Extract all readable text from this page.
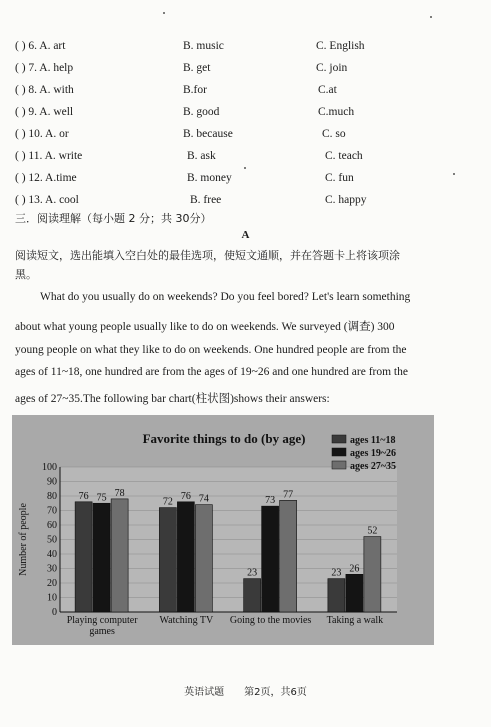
( ) 6. A. art	B. music	C. English
( ) 7. A. help	B. get	C. join
( ) 8. A. with	B.for	C.at
( ) 9. A. well	B. good	C.much
( ) 10. A. or	B. because	C. so
( ) 11. A. write	B. ask	C. teach
( ) 12. A.time	B. money	C. fun
( ) 13. A. cool	B. free	C. happy
三．阅读理解（每小题 2 分；共 30分）
A
阅读短文，选出能填入空白处的最佳选项，使短文通顺，并在答题卡上将该项涂
黑。
What do you usually do on weekends? Do you feel bored? Let's learn something
about what young people usually like to do on weekends. We surveyed (调查) 300
young people on what they like to do on weekends. One hundred people are from the
ages of 11~18, one hundred are from the ages of 19~26 and one hundred are from the
ages of 27~35.The following bar chart(柱状图)shows their answers:
0
10
20
30
40
50
60
70
80
90
100
Number of people
Favorite things to do (by age)	ages 11~18
ages 19~26
ages 27~35
76 75 78
Playing computer
games
72
76 74
Watching TV
23
73
77
Going to the movies
23 26
52
Taking a walk
英语试题　　第2页，共6页
